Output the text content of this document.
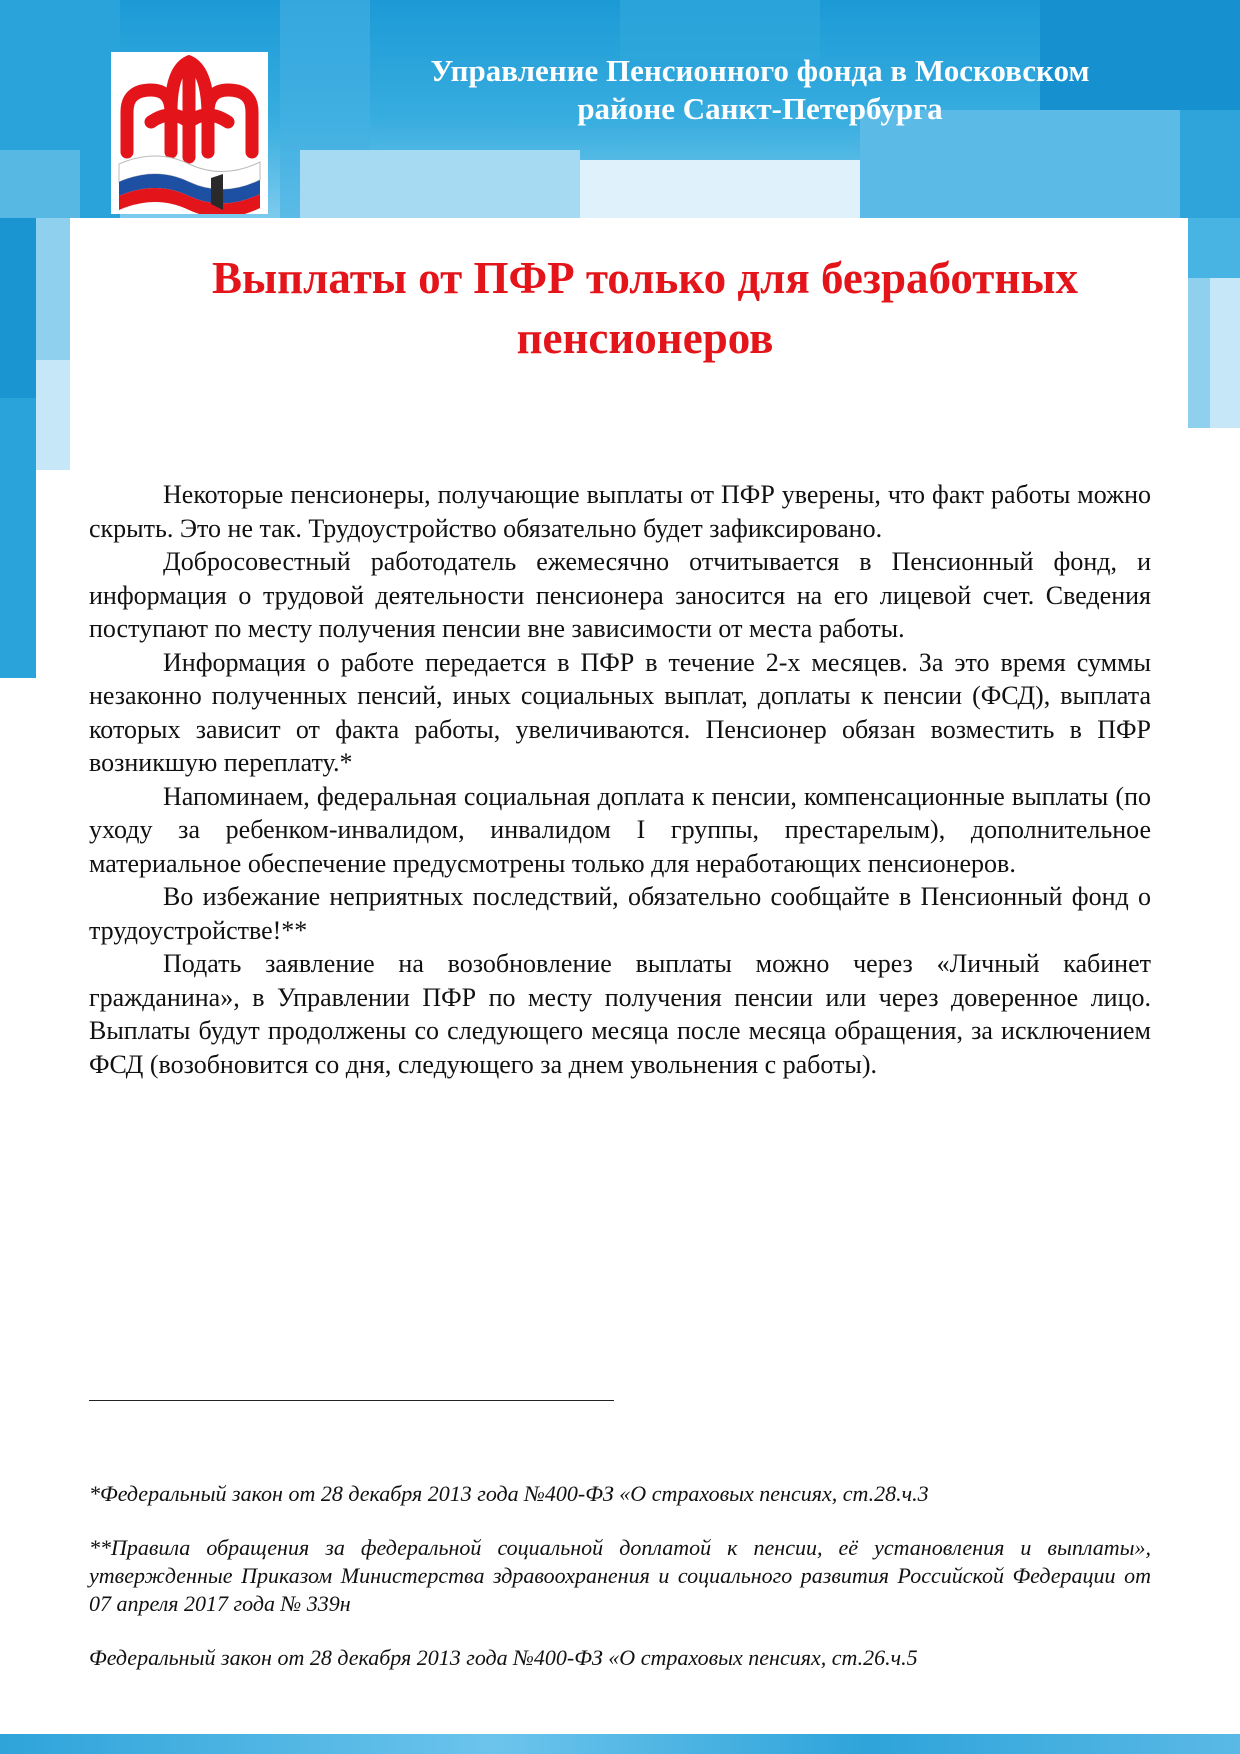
Управление Пенсионного фонда в Московском
районе Санкт-Петербурга
Выплаты от ПФР только для безработных
пенсионеров

Некоторые пенсионеры, получающие выплаты от ПФР уверены, что факт работы можно скрыть. Это не так. Трудоустройство обязательно будет зафиксировано.

Добросовестный работодатель ежемесячно отчитывается в Пенсионный фонд, и информация о трудовой деятельности пенсионера заносится на его лицевой счет. Сведения поступают по месту получения пенсии вне зависимости от места работы.

Информация о работе передается в ПФР в течение 2-х месяцев. За это время суммы незаконно полученных пенсий, иных социальных выплат, доплаты к пенсии (ФСД), выплата которых зависит от факта работы, увеличиваются. Пенсионер обязан возместить в ПФР возникшую переплату.*

Напоминаем, федеральная социальная доплата к пенсии, компенсационные выплаты (по уходу за ребенком-инвалидом, инвалидом I группы, престарелым), дополнительное материальное обеспечение предусмотрены только для неработающих пенсионеров.

Во избежание неприятных последствий, обязательно сообщайте в Пенсионный фонд о трудоустройстве!**

Подать заявление на возобновление выплаты можно через «Личный кабинет гражданина», в Управлении ПФР по месту получения пенсии или через доверенное лицо. Выплаты будут продолжены со следующего месяца после месяца обращения, за исключением ФСД (возобновится со дня, следующего за днем увольнения с работы).

*Федеральный закон от 28 декабря 2013 года №400-ФЗ «О страховых пенсиях, ст.28.ч.3

**Правила обращения за федеральной социальной доплатой к пенсии, её установления и выплаты», утвержденные Приказом Министерства здравоохранения и социального развития Российской Федерации от 07 апреля 2017 года № 339н

Федеральный закон от 28 декабря 2013 года №400-ФЗ «О страховых пенсиях, ст.26.ч.5
